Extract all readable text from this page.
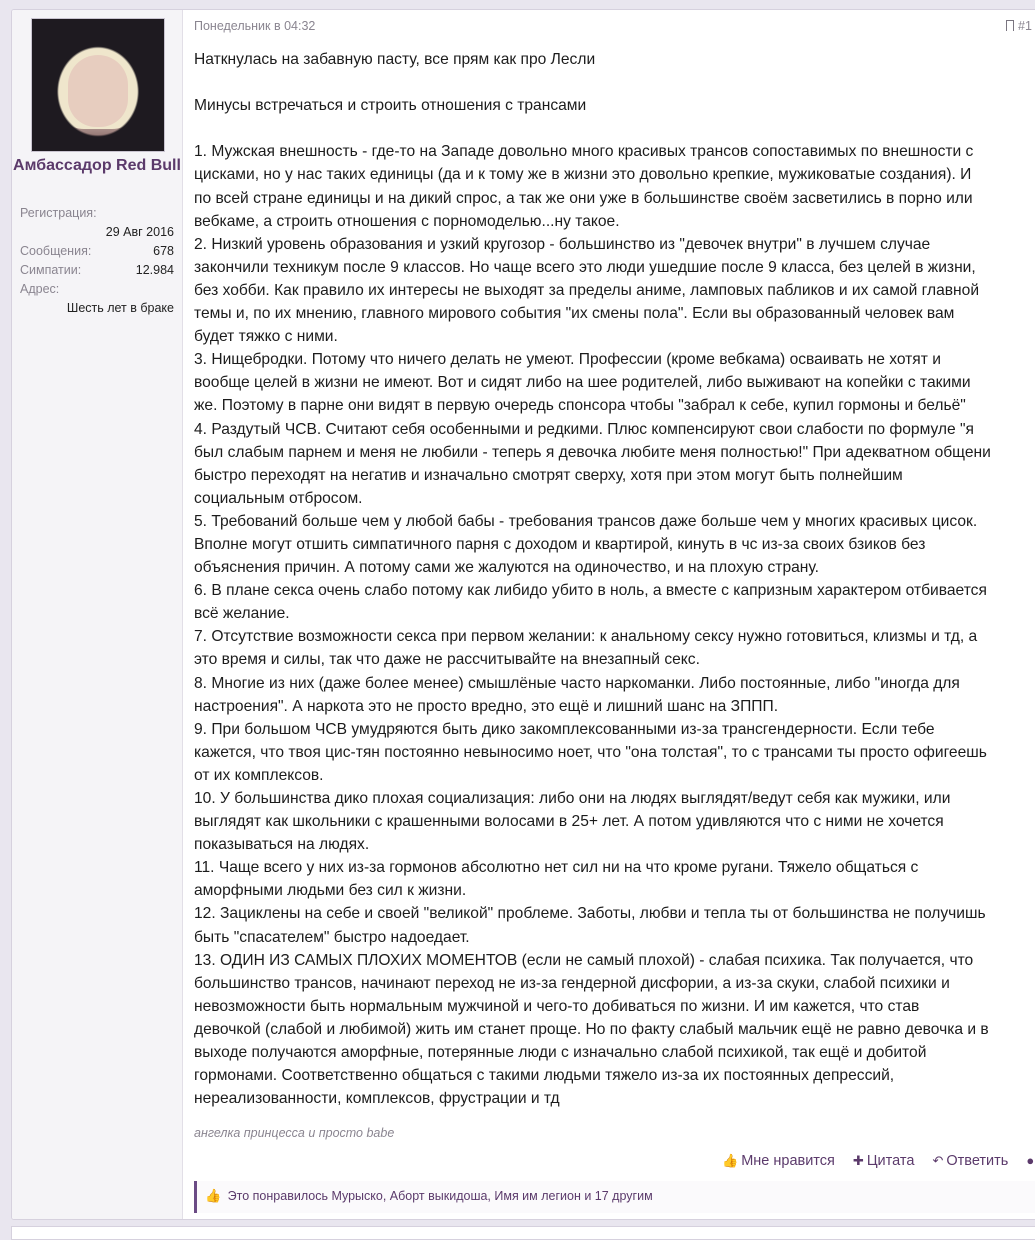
Амбассадор Red Bull
Регистрация:
29 Авг 2016
Сообщения:	678
Симпатии:	12.984
Адрес:
Шесть лет в браке
Понедельник в 04:32	#1
Наткнулась на забавную пасту, все прям как про Лесли
Минусы встречаться и строить отношения с трансами
1. Мужская внешность - где-то на Западе довольно много красивых трансов сопоставимых по внешности с
цисками, но у нас таких единицы (да и к тому же в жизни это довольно крепкие, мужиковатые создания). И
по всей стране единицы и на дикий спрос, а так же они уже в большинстве своём засветились в порно или
вебкаме, а строить отношения с порномоделью...ну такое.
2. Низкий уровень образования и узкий кругозор - большинство из "девочек внутри" в лучшем случае
закончили техникум после 9 классов. Но чаще всего это люди ушедшие после 9 класса, без целей в жизни,
без хобби. Как правило их интересы не выходят за пределы аниме, ламповых пабликов и их самой главной
темы и, по их мнению, главного мирового события "их смены пола". Если вы образованный человек вам
будет тяжко с ними.
3. Нищебродки. Потому что ничего делать не умеют. Профессии (кроме вебкама) осваивать не хотят и
вообще целей в жизни не имеют. Вот и сидят либо на шее родителей, либо выживают на копейки с такими
же. Поэтому в парне они видят в первую очередь спонсора чтобы "забрал к себе, купил гормоны и бельё"
4. Раздутый ЧСВ. Считают себя особенными и редкими. Плюс компенсируют свои слабости по формуле "я
был слабым парнем и меня не любили - теперь я девочка любите меня полностью!" При адекватном общени
быстро переходят на негатив и изначально смотрят сверху, хотя при этом могут быть полнейшим
социальным отбросом.
5. Требований больше чем у любой бабы - требования трансов даже больше чем у многих красивых цисок.
Вполне могут отшить симпатичного парня с доходом и квартирой, кинуть в чс из-за своих бзиков без
объяснения причин. А потому сами же жалуются на одиночество, и на плохую страну.
6. В плане секса очень слабо потому как либидо убито в ноль, а вместе с капризным характером отбивается
всё желание.
7. Отсутствие возможности секса при первом желании: к анальному сексу нужно готовиться, клизмы и тд, а
это время и силы, так что даже не рассчитывайте на внезапный секс.
8. Многие из них (даже более менее) смышлёные часто наркоманки. Либо постоянные, либо "иногда для
настроения". А наркота это не просто вредно, это ещё и лишний шанс на ЗППП.
9. При большом ЧСВ умудряются быть дико закомплексованными из-за трансгендерности. Если тебе
кажется, что твоя цис-тян постоянно невыносимо ноет, что "она толстая", то с трансами ты просто офигеешь
от их комплексов.
10. У большинства дико плохая социализация: либо они на людях выглядят/ведут себя как мужики, или
выглядят как школьники с крашенными волосами в 25+ лет. А потом удивляются что с ними не хочется
показываться на людях.
11. Чаще всего у них из-за гормонов абсолютно нет сил ни на что кроме ругани. Тяжело общаться с
аморфными людьми без сил к жизни.
12. Зациклены на себе и своей "великой" проблеме. Заботы, любви и тепла ты от большинства не получишь
быть "спасателем" быстро надоедает.
13. ОДИН ИЗ САМЫХ ПЛОХИХ МОМЕНТОВ (если не самый плохой) - слабая психика. Так получается, что
большинство трансов, начинают переход не из-за гендерной дисфории, а из-за скуки, слабой психики и
невозможности быть нормальным мужчиной и чего-то добиваться по жизни. И им кажется, что став
девочкой (слабой и любимой) жить им станет проще. Но по факту слабый мальчик ещё не равно девочка и в
выходе получаются аморфные, потерянные люди с изначально слабой психикой, так ещё и добитой
гормонами. Соответственно общаться с такими людьми тяжело из-за их постоянных депрессий,
нереализованности, комплексов, фрустрации и тд
ангелка принцесса и просто babe
👍 Мне нравится ✚ Цитата ↶ Ответить ●
👍 Это понравилось Мурыско, Аборт выкидоша, Имя им легион и 17 другим
